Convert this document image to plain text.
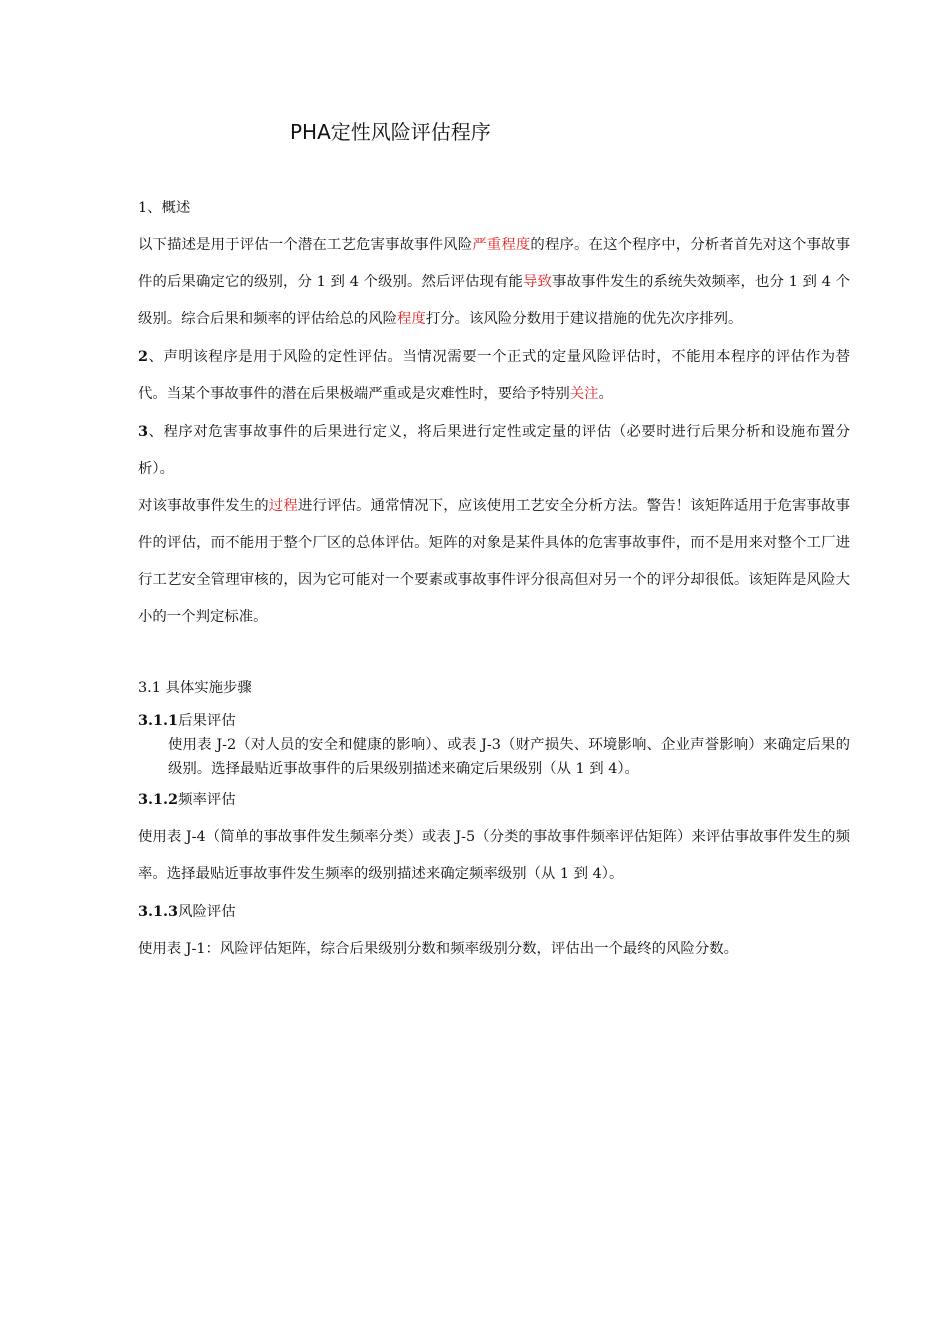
PHA定性风险评估程序

1、概述

以下描述是用于评估一个潜在工艺危害事故事件风险严重程度的程序。在这个程序中，分析者首先对这个事故事件的后果确定它的级别，分 1 到 4 个级别。然后评估现有能导致事故事件发生的系统失效频率，也分 1 到 4 个级别。综合后果和频率的评估给总的风险程度打分。该风险分数用于建议措施的优先次序排列。

2、声明该程序是用于风险的定性评估。当情况需要一个正式的定量风险评估时，不能用本程序的评估作为替代。当某个事故事件的潜在后果极端严重或是灾难性时，要给予特别关注。

3、程序对危害事故事件的后果进行定义，将后果进行定性或定量的评估（必要时进行后果分析和设施布置分析）。

对该事故事件发生的过程进行评估。通常情况下，应该使用工艺安全分析方法。警告！该矩阵适用于危害事故事件的评估，而不能用于整个厂区的总体评估。矩阵的对象是某件具体的危害事故事件，而不是用来对整个工厂进行工艺安全管理审核的，因为它可能对一个要素或事故事件评分很高但对另一个的评分却很低。该矩阵是风险大小的一个判定标准。

3.1 具体实施步骤

3.1.1后果评估

使用表 J-2（对人员的安全和健康的影响）、或表 J-3（财产损失、环境影响、企业声誉影响）来确定后果的级别。选择最贴近事故事件的后果级别描述来确定后果级别（从 1 到 4）。

3.1.2频率评估

使用表 J-4（简单的事故事件发生频率分类）或表 J-5（分类的事故事件频率评估矩阵）来评估事故事件发生的频率。选择最贴近事故事件发生频率的级别描述来确定频率级别（从 1 到 4）。

3.1.3风险评估

使用表 J-1：风险评估矩阵，综合后果级别分数和频率级别分数，评估出一个最终的风险分数。
